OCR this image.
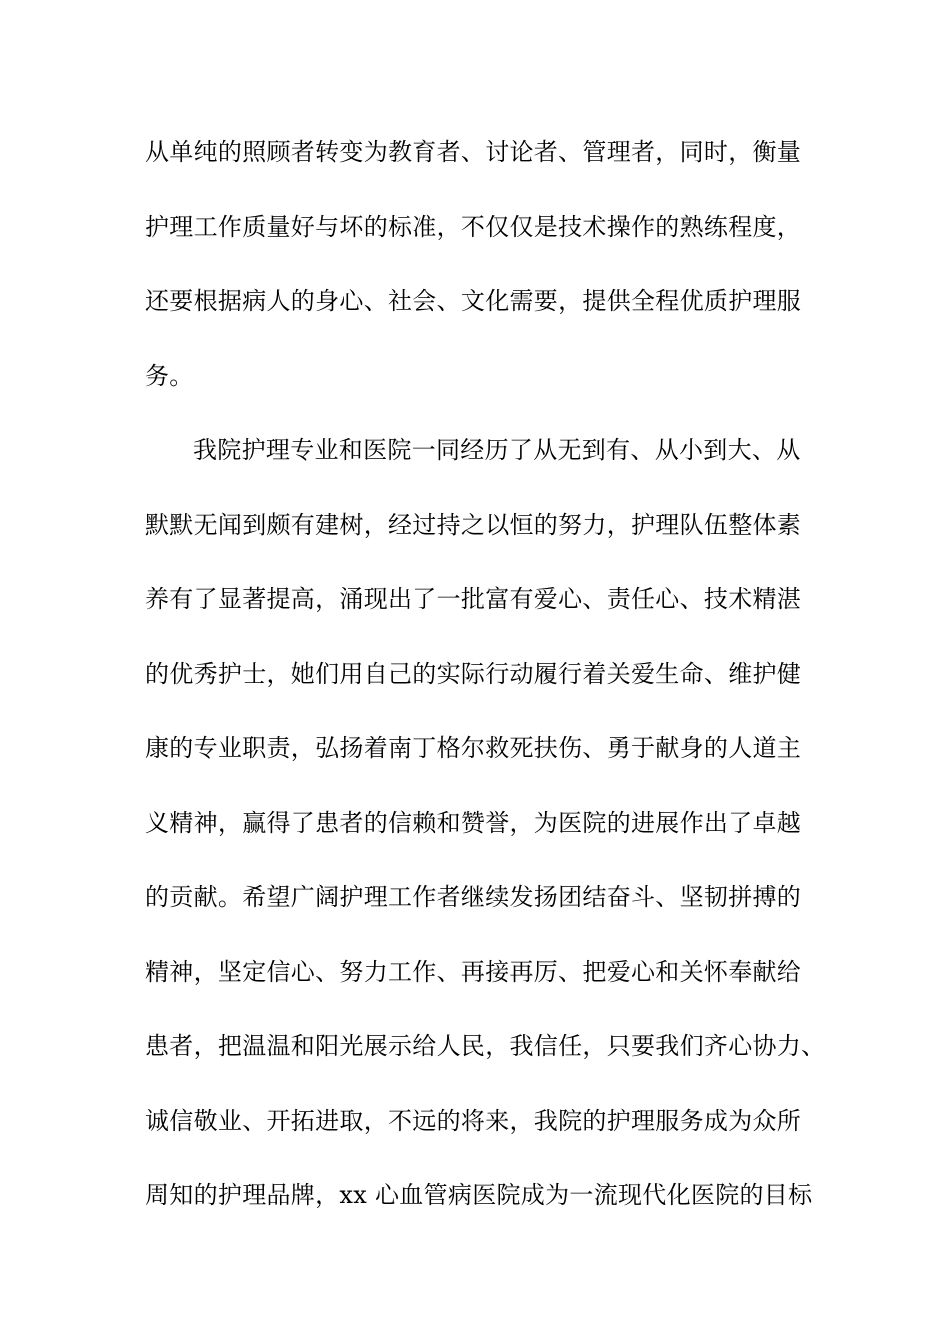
从单纯的照顾者转变为教育者、讨论者、管理者，同时，衡量
护理工作质量好与坏的标准，不仅仅是技术操作的熟练程度，
还要根据病人的身心、社会、文化需要，提供全程优质护理服
务。
我院护理专业和医院一同经历了从无到有、从小到大、从
默默无闻到颇有建树，经过持之以恒的努力，护理队伍整体素
养有了显著提高，涌现出了一批富有爱心、责任心、技术精湛
的优秀护士，她们用自己的实际行动履行着关爱生命、维护健
康的专业职责，弘扬着南丁格尔救死扶伤、勇于献身的人道主
义精神，赢得了患者的信赖和赞誉，为医院的进展作出了卓越
的贡献。希望广阔护理工作者继续发扬团结奋斗、坚韧拼搏的
精神，坚定信心、努力工作、再接再厉、把爱心和关怀奉献给
患者，把温温和阳光展示给人民，我信任，只要我们齐心协力、
诚信敬业、开拓进取，不远的将来，我院的护理服务成为众所
周知的护理品牌，xx 心血管病医院成为一流现代化医院的目标
